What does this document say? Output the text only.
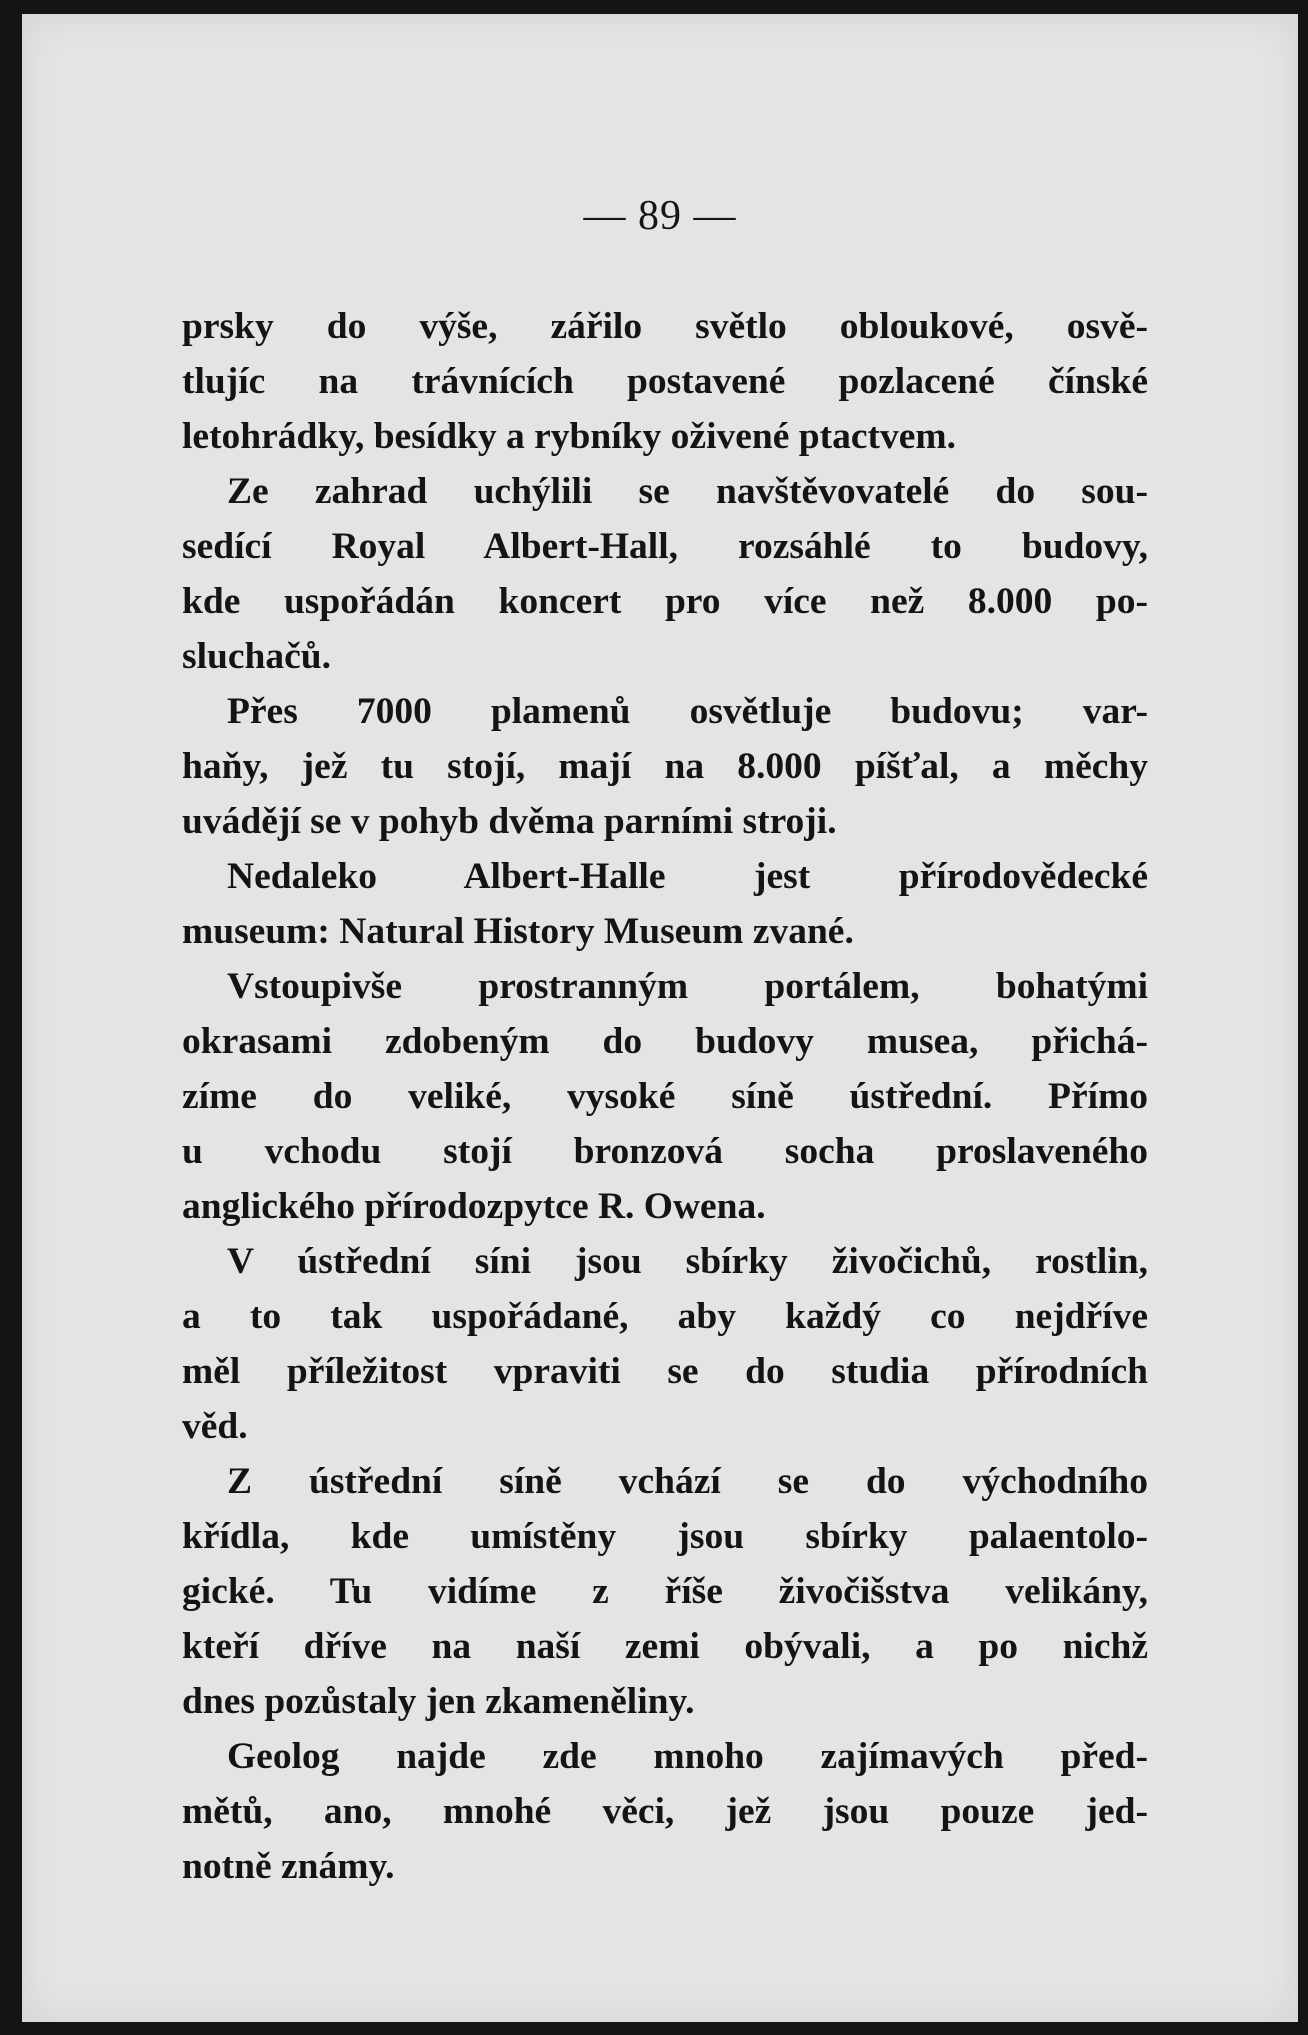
— 89 —
prsky do výše, zářilo světlo obloukové, osvě-
tlujíc na trávnících postavené pozlacené čínské
letohrádky, besídky a rybníky oživené ptactvem.
Ze zahrad uchýlili se navštěvovatelé do sou-
sedící Royal Albert-Hall, rozsáhlé to budovy,
kde uspořádán koncert pro více než 8.000 po-
sluchačů.
Přes 7000 plamenů osvětluje budovu; var-
haňy, jež tu stojí, mají na 8.000 píšťal, a měchy
uvádějí se v pohyb dvěma parními stroji.
Nedaleko Albert-Halle jest přírodovědecké
museum: Natural History Museum zvané.
Vstoupivše prostranným portálem, bohatými
okrasami zdobeným do budovy musea, přichá-
zíme do veliké, vysoké síně ústřední. Přímo
u vchodu stojí bronzová socha proslaveného
anglického přírodozpytce R. Owena.
V ústřední síni jsou sbírky živočichů, rostlin,
a to tak uspořádané, aby každý co nejdříve
měl příležitost vpraviti se do studia přírodních
věd.
Z ústřední síně vchází se do východního
křídla, kde umístěny jsou sbírky palaentolo-
gické. Tu vidíme z říše živočišstva velikány,
kteří dříve na naší zemi obývali, a po nichž
dnes pozůstaly jen zkameněliny.
Geolog najde zde mnoho zajímavých před-
mětů, ano, mnohé věci, jež jsou pouze jed-
notně známy.
